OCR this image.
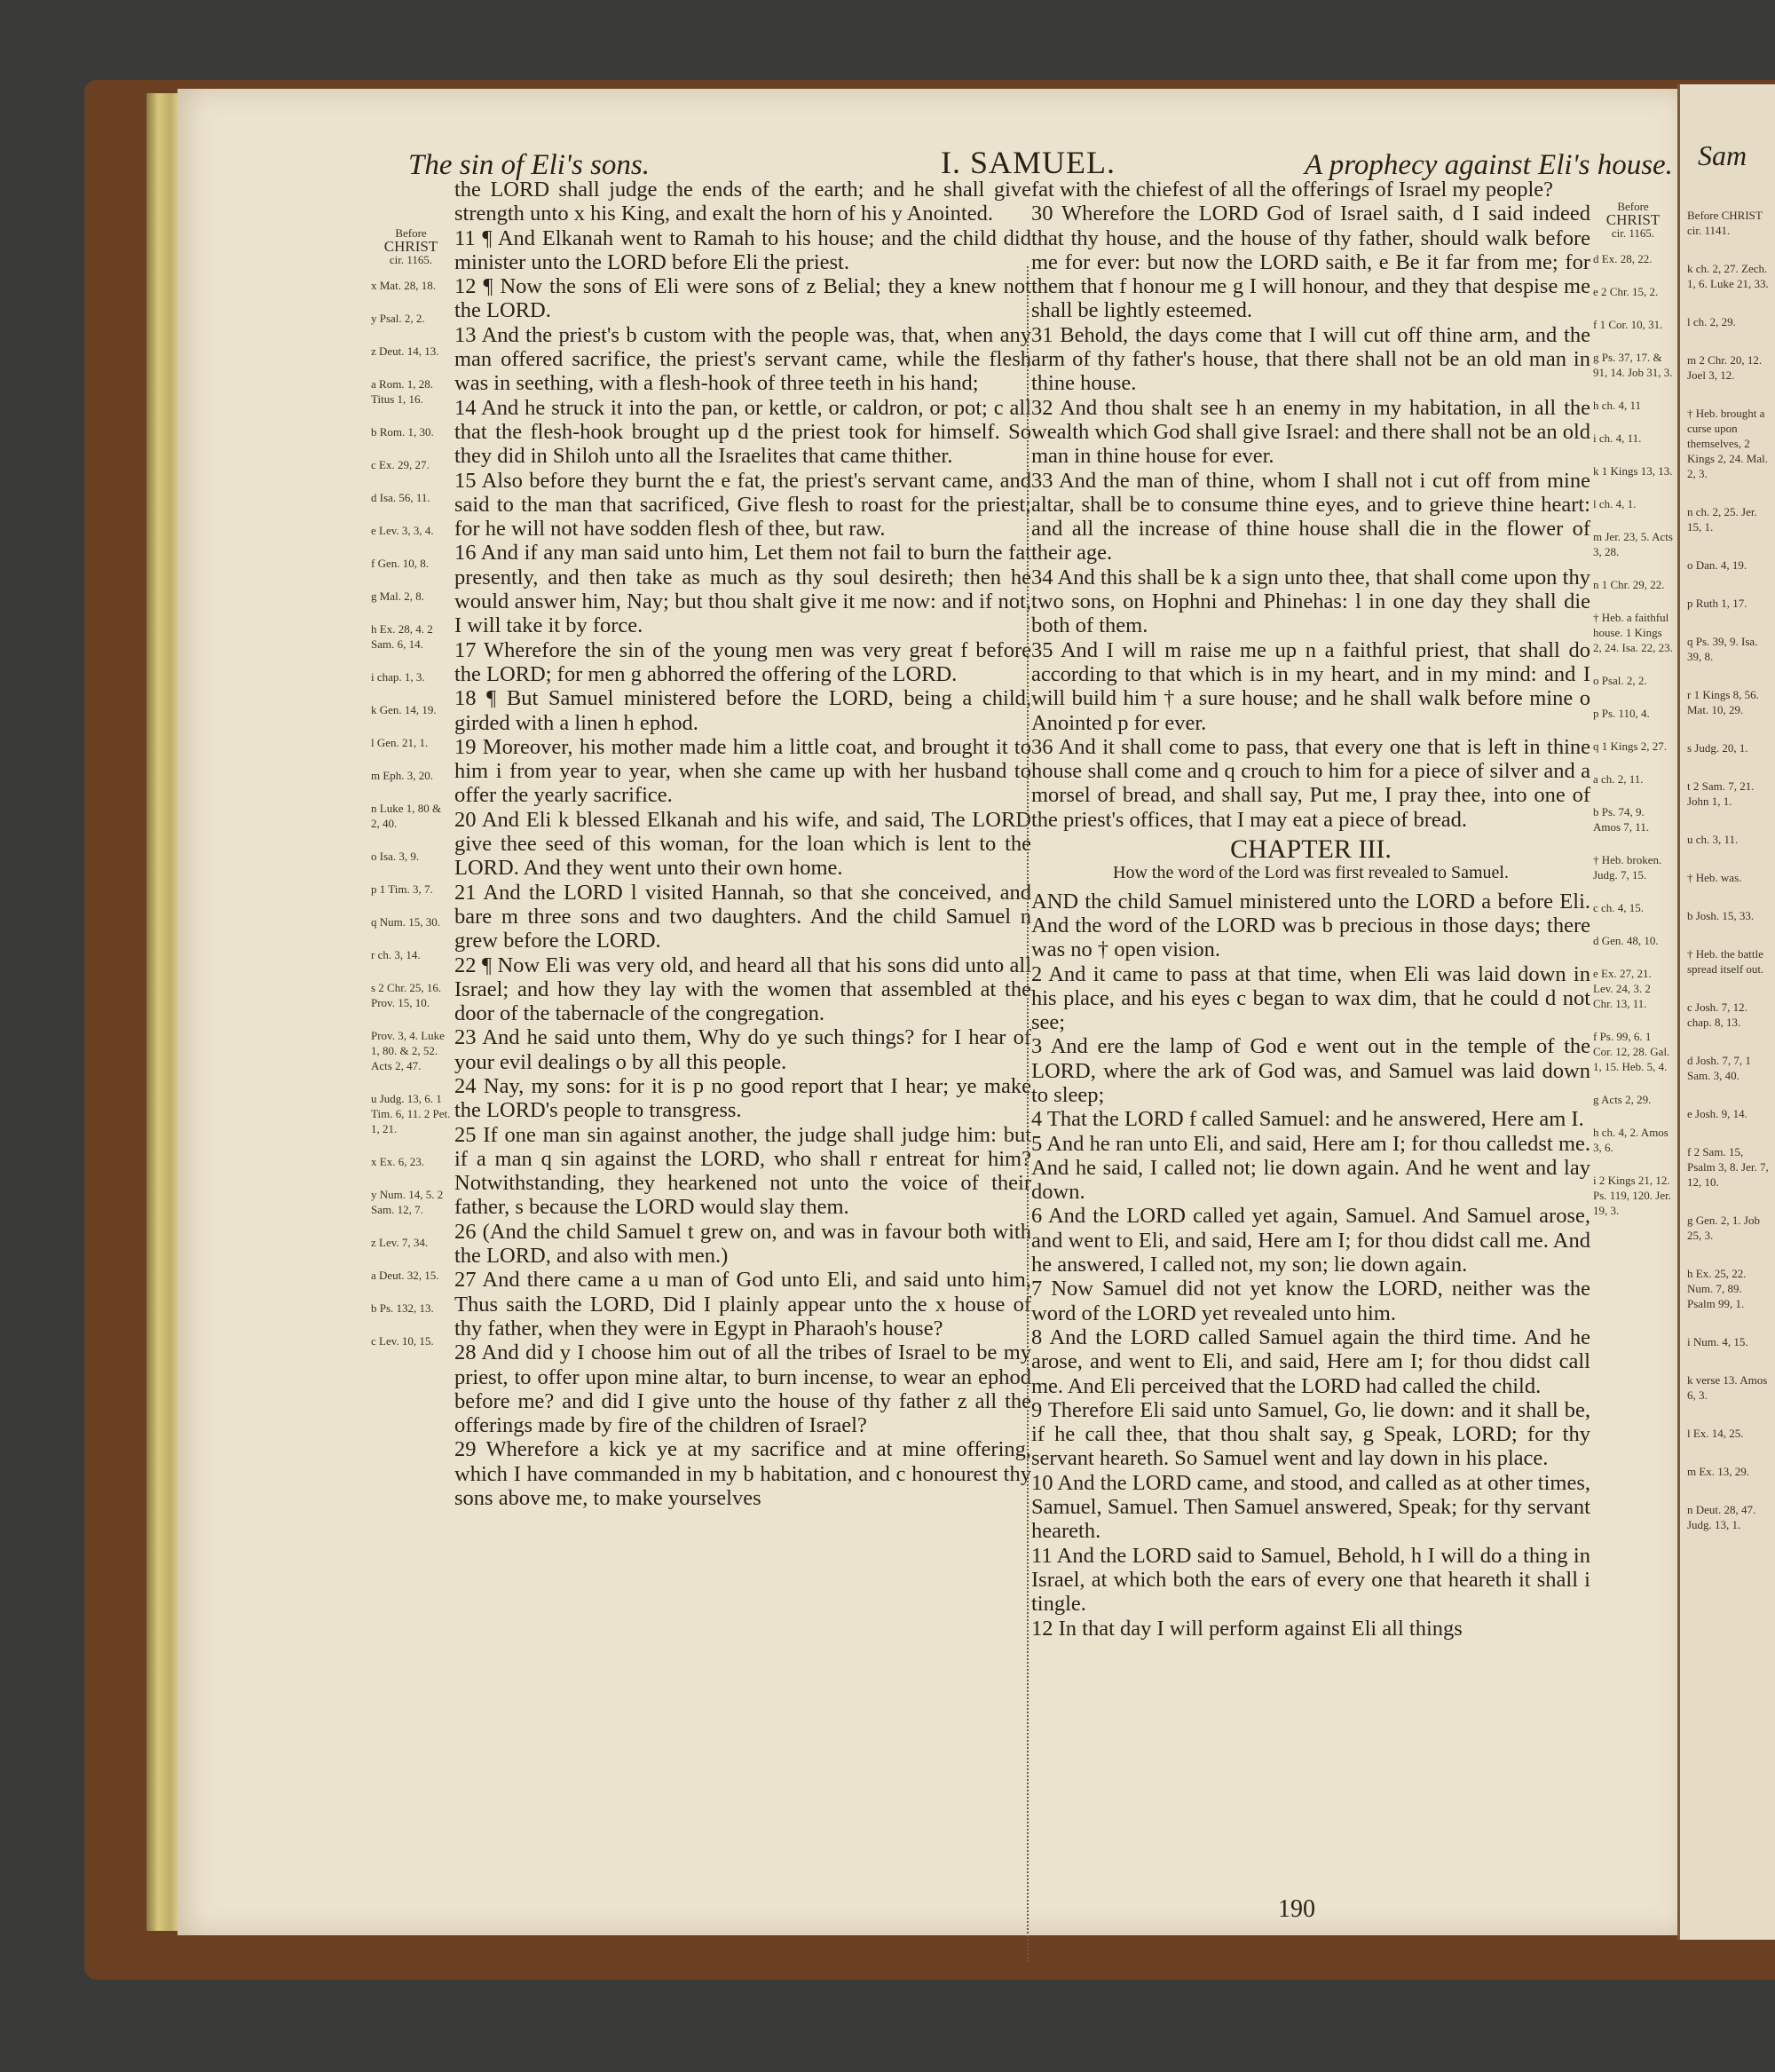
The sin of Eli's sons.	I. SAMUEL.	A prophecy against Eli's house.
Before
CHRIST
cir. 1165.

x Mat. 28, 18.

y Psal. 2, 2.

z Deut. 14, 13.

a Rom. 1, 28. Titus 1, 16.

b Rom. 1, 30.

c Ex. 29, 27.

d Isa. 56, 11.

e Lev. 3, 3, 4.

f Gen. 10, 8.

g Mal. 2, 8.

h Ex. 28, 4. 2 Sam. 6, 14.

i chap. 1, 3.

k Gen. 14, 19.

l Gen. 21, 1.

m Eph. 3, 20.

n Luke 1, 80 & 2, 40.

o Isa. 3, 9.

p 1 Tim. 3, 7.

q Num. 15, 30.

r ch. 3, 14.

s 2 Chr. 25, 16. Prov. 15, 10.

Prov. 3, 4. Luke 1, 80. & 2, 52. Acts 2, 47.

u Judg. 13, 6. 1 Tim. 6, 11. 2 Pet. 1, 21.

x Ex. 6, 23.

y Num. 14, 5. 2 Sam. 12, 7.

z Lev. 7, 34.

a Deut. 32, 15.

b Ps. 132, 13.

c Lev. 10, 15.

the LORD shall judge the ends of the earth; and he shall give strength unto x his King, and exalt the horn of his y Anointed.

11 ¶ And Elkanah went to Ramah to his house; and the child did minister unto the LORD before Eli the priest.

12 ¶ Now the sons of Eli were sons of z Belial; they a knew not the LORD.

13 And the priest's b custom with the people was, that, when any man offered sacrifice, the priest's servant came, while the flesh was in seething, with a flesh-hook of three teeth in his hand;

14 And he struck it into the pan, or kettle, or caldron, or pot; c all that the flesh-hook brought up d the priest took for himself. So they did in Shiloh unto all the Israelites that came thither.

15 Also before they burnt the e fat, the priest's servant came, and said to the man that sacrificed, Give flesh to roast for the priest; for he will not have sodden flesh of thee, but raw.

16 And if any man said unto him, Let them not fail to burn the fat presently, and then take as much as thy soul desireth; then he would answer him, Nay; but thou shalt give it me now: and if not, I will take it by force.

17 Wherefore the sin of the young men was very great f before the LORD; for men g abhorred the offering of the LORD.

18 ¶ But Samuel ministered before the LORD, being a child, girded with a linen h ephod.

19 Moreover, his mother made him a little coat, and brought it to him i from year to year, when she came up with her husband to offer the yearly sacrifice.

20 And Eli k blessed Elkanah and his wife, and said, The LORD give thee seed of this woman, for the loan which is lent to the LORD. And they went unto their own home.

21 And the LORD l visited Hannah, so that she conceived, and bare m three sons and two daughters. And the child Samuel n grew before the LORD.

22 ¶ Now Eli was very old, and heard all that his sons did unto all Israel; and how they lay with the women that assembled at the door of the tabernacle of the congregation.

23 And he said unto them, Why do ye such things? for I hear of your evil dealings o by all this people.

24 Nay, my sons: for it is p no good report that I hear; ye make the LORD's people to transgress.

25 If one man sin against another, the judge shall judge him: but if a man q sin against the LORD, who shall r entreat for him? Notwithstanding, they hearkened not unto the voice of their father, s because the LORD would slay them.

26 (And the child Samuel t grew on, and was in favour both with the LORD, and also with men.)

27 And there came a u man of God unto Eli, and said unto him, Thus saith the LORD, Did I plainly appear unto the x house of thy father, when they were in Egypt in Pharaoh's house?

28 And did y I choose him out of all the tribes of Israel to be my priest, to offer upon mine altar, to burn incense, to wear an ephod before me? and did I give unto the house of thy father z all the offerings made by fire of the children of Israel?

29 Wherefore a kick ye at my sacrifice and at mine offering, which I have commanded in my b habitation, and c honourest thy sons above me, to make yourselves

fat with the chiefest of all the offerings of Israel my people?

30 Wherefore the LORD God of Israel saith, d I said indeed that thy house, and the house of thy father, should walk before me for ever: but now the LORD saith, e Be it far from me; for them that f honour me g I will honour, and they that despise me shall be lightly esteemed.

31 Behold, the days come that I will cut off thine arm, and the arm of thy father's house, that there shall not be an old man in thine house.

32 And thou shalt see h an enemy in my habitation, in all the wealth which God shall give Israel: and there shall not be an old man in thine house for ever.

33 And the man of thine, whom I shall not i cut off from mine altar, shall be to consume thine eyes, and to grieve thine heart: and all the increase of thine house shall die in the flower of their age.

34 And this shall be k a sign unto thee, that shall come upon thy two sons, on Hophni and Phinehas: l in one day they shall die both of them.

35 And I will m raise me up n a faithful priest, that shall do according to that which is in my heart, and in my mind: and I will build him † a sure house; and he shall walk before mine o Anointed p for ever.

36 And it shall come to pass, that every one that is left in thine house shall come and q crouch to him for a piece of silver and a morsel of bread, and shall say, Put me, I pray thee, into one of the priest's offices, that I may eat a piece of bread.

CHAPTER III.
How the word of the Lord was first revealed to Samuel.

AND the child Samuel ministered unto the LORD a before Eli. And the word of the LORD was b precious in those days; there was no † open vision.

2 And it came to pass at that time, when Eli was laid down in his place, and his eyes c began to wax dim, that he could d not see;

3 And ere the lamp of God e went out in the temple of the LORD, where the ark of God was, and Samuel was laid down to sleep;

4 That the LORD f called Samuel: and he answered, Here am I.

5 And he ran unto Eli, and said, Here am I; for thou calledst me. And he said, I called not; lie down again. And he went and lay down.

6 And the LORD called yet again, Samuel. And Samuel arose, and went to Eli, and said, Here am I; for thou didst call me. And he answered, I called not, my son; lie down again.

7 Now Samuel did not yet know the LORD, neither was the word of the LORD yet revealed unto him.

8 And the LORD called Samuel again the third time. And he arose, and went to Eli, and said, Here am I; for thou didst call me. And Eli perceived that the LORD had called the child.

9 Therefore Eli said unto Samuel, Go, lie down: and it shall be, if he call thee, that thou shalt say, g Speak, LORD; for thy servant heareth. So Samuel went and lay down in his place.

10 And the LORD came, and stood, and called as at other times, Samuel, Samuel. Then Samuel answered, Speak; for thy servant heareth.

11 And the LORD said to Samuel, Behold, h I will do a thing in Israel, at which both the ears of every one that heareth it shall i tingle.

12 In that day I will perform against Eli all things

Before
CHRIST
cir. 1165.

d Ex. 28, 22.

e 2 Chr. 15, 2.

f 1 Cor. 10, 31.

g Ps. 37, 17. & 91, 14. Job 31, 3.

h ch. 4, 11

i ch. 4, 11.

k 1 Kings 13, 13.

l ch. 4, 1.

m Jer. 23, 5. Acts 3, 28.

n 1 Chr. 29, 22.

† Heb. a faithful house. 1 Kings 2, 24. Isa. 22, 23.

o Psal. 2, 2.

p Ps. 110, 4.

q 1 Kings 2, 27.

a ch. 2, 11.

b Ps. 74, 9. Amos 7, 11.

† Heb. broken. Judg. 7, 15.

c ch. 4, 15.

d Gen. 48, 10.

e Ex. 27, 21. Lev. 24, 3. 2 Chr. 13, 11.

f Ps. 99, 6. 1 Cor. 12, 28. Gal. 1, 15. Heb. 5, 4.

g Acts 2, 29.

h ch. 4, 2. Amos 3, 6.

i 2 Kings 21, 12. Ps. 119, 120. Jer. 19, 3.

190
Sam

Before CHRIST cir. 1141.

k ch. 2, 27. Zech. 1, 6. Luke 21, 33.

l ch. 2, 29.

m 2 Chr. 20, 12. Joel 3, 12.

† Heb. brought a curse upon themselves, 2 Kings 2, 24. Mal. 2, 3.

n ch. 2, 25. Jer. 15, 1.

o Dan. 4, 19.

p Ruth 1, 17.

q Ps. 39, 9. Isa. 39, 8.

r 1 Kings 8, 56. Mat. 10, 29.

s Judg. 20, 1.

t 2 Sam. 7, 21. John 1, 1.

u ch. 3, 11.

† Heb. was.

b Josh. 15, 33.

† Heb. the battle spread itself out.

c Josh. 7, 12. chap. 8, 13.

d Josh. 7, 7, 1 Sam. 3, 40.

e Josh. 9, 14.

f 2 Sam. 15, Psalm 3, 8. Jer. 7, 12, 10.

g Gen. 2, 1. Job 25, 3.

h Ex. 25, 22. Num. 7, 89. Psalm 99, 1.

i Num. 4, 15.

k verse 13. Amos 6, 3.

l Ex. 14, 25.

m Ex. 13, 29.

n Deut. 28, 47. Judg. 13, 1.
